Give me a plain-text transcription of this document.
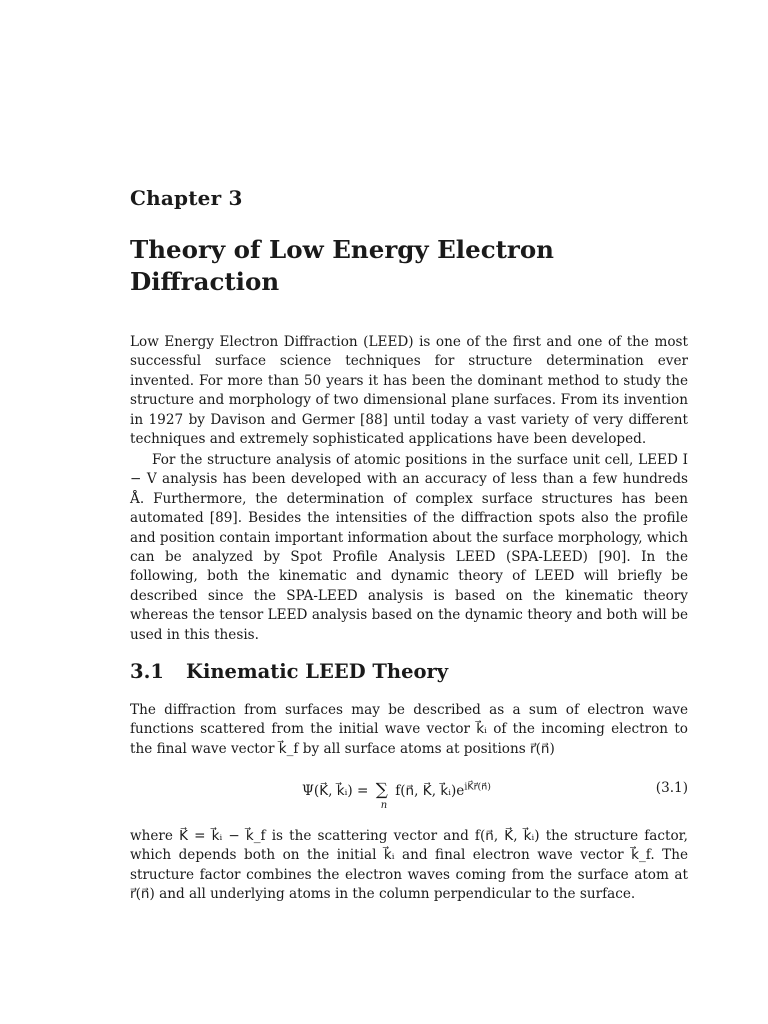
Chapter 3
Theory of Low Energy Electron Diffraction

Low Energy Electron Diffraction (LEED) is one of the first and one of the most successful surface science techniques for structure determination ever invented. For more than 50 years it has been the dominant method to study the structure and morphology of two dimensional plane surfaces. From its invention in 1927 by Davison and Germer [88] until today a vast variety of very different techniques and extremely sophisticated applications have been developed.

For the structure analysis of atomic positions in the surface unit cell, LEED I − V analysis has been developed with an accuracy of less than a few hundreds Å. Furthermore, the determination of complex surface structures has been automated [89]. Besides the intensities of the diffraction spots also the profile and position contain important information about the surface morphology, which can be analyzed by Spot Profile Analysis LEED (SPA-LEED) [90]. In the following, both the kinematic and dynamic theory of LEED will briefly be described since the SPA-LEED analysis is based on the kinematic theory whereas the tensor LEED analysis based on the dynamic theory and both will be used in this thesis.

3.1 Kinematic LEED Theory

The diffraction from surfaces may be described as a sum of electron wave functions scattered from the initial wave vector k⃗ᵢ of the incoming electron to the final wave vector k⃗_f by all surface atoms at positions r⃗(n⃗)

Ψ(K⃗, k⃗ᵢ) = ∑
n
f(n⃗, K⃗, $k⃗ᵢ)e^{iK⃗r⃗(n⃗)}$	(3.1)

where K⃗ = k⃗ᵢ − k⃗_f is the scattering vector and f(n⃗, K⃗, k⃗ᵢ) the structure factor, which depends both on the initial k⃗ᵢ and final electron wave vector k⃗_f. The structure factor combines the electron waves coming from the surface atom at r⃗(n⃗) and all underlying atoms in the column perpendicular to the surface.
